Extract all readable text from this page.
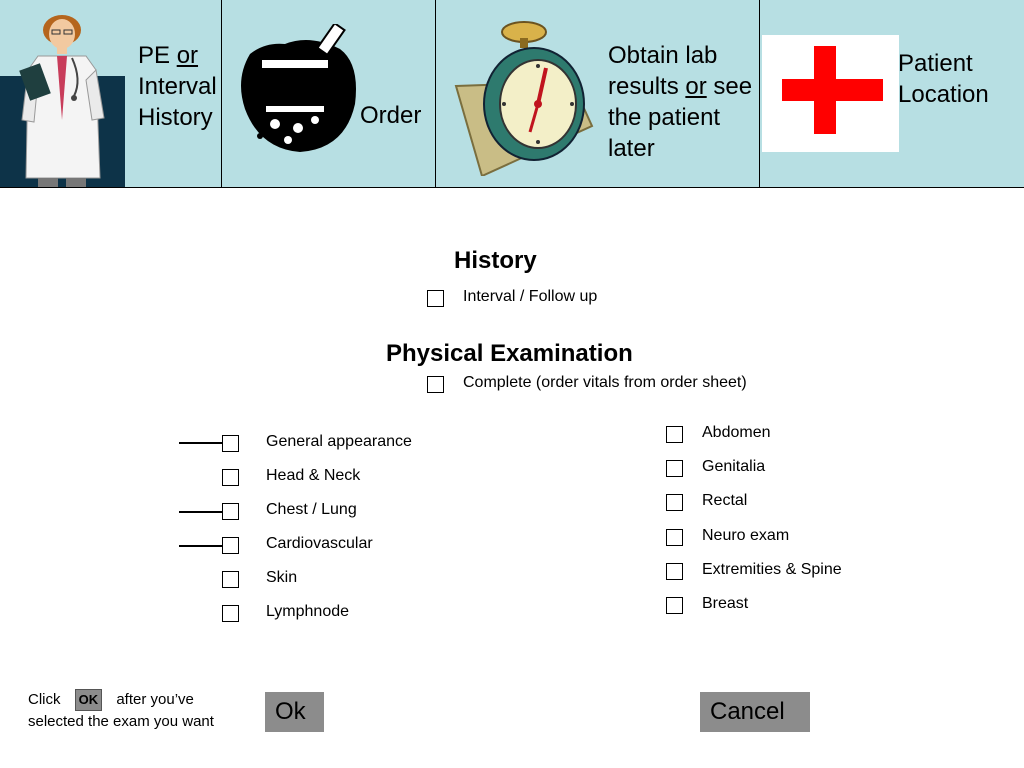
PE or
Interval
History
Rx
Order
Obtain lab
results or see
the patient
later
Patient
Location
History
Interval / Follow up
Physical Examination
Complete (order vitals from order sheet)
General appearance
Head & Neck
Chest / Lung
Cardiovascular
Skin
Lymphnode
Abdomen
Genitalia
Rectal
Neuro exam
Extremities & Spine
Breast
Click OK after you’ve
selected the exam you want	Ok	Cancel
